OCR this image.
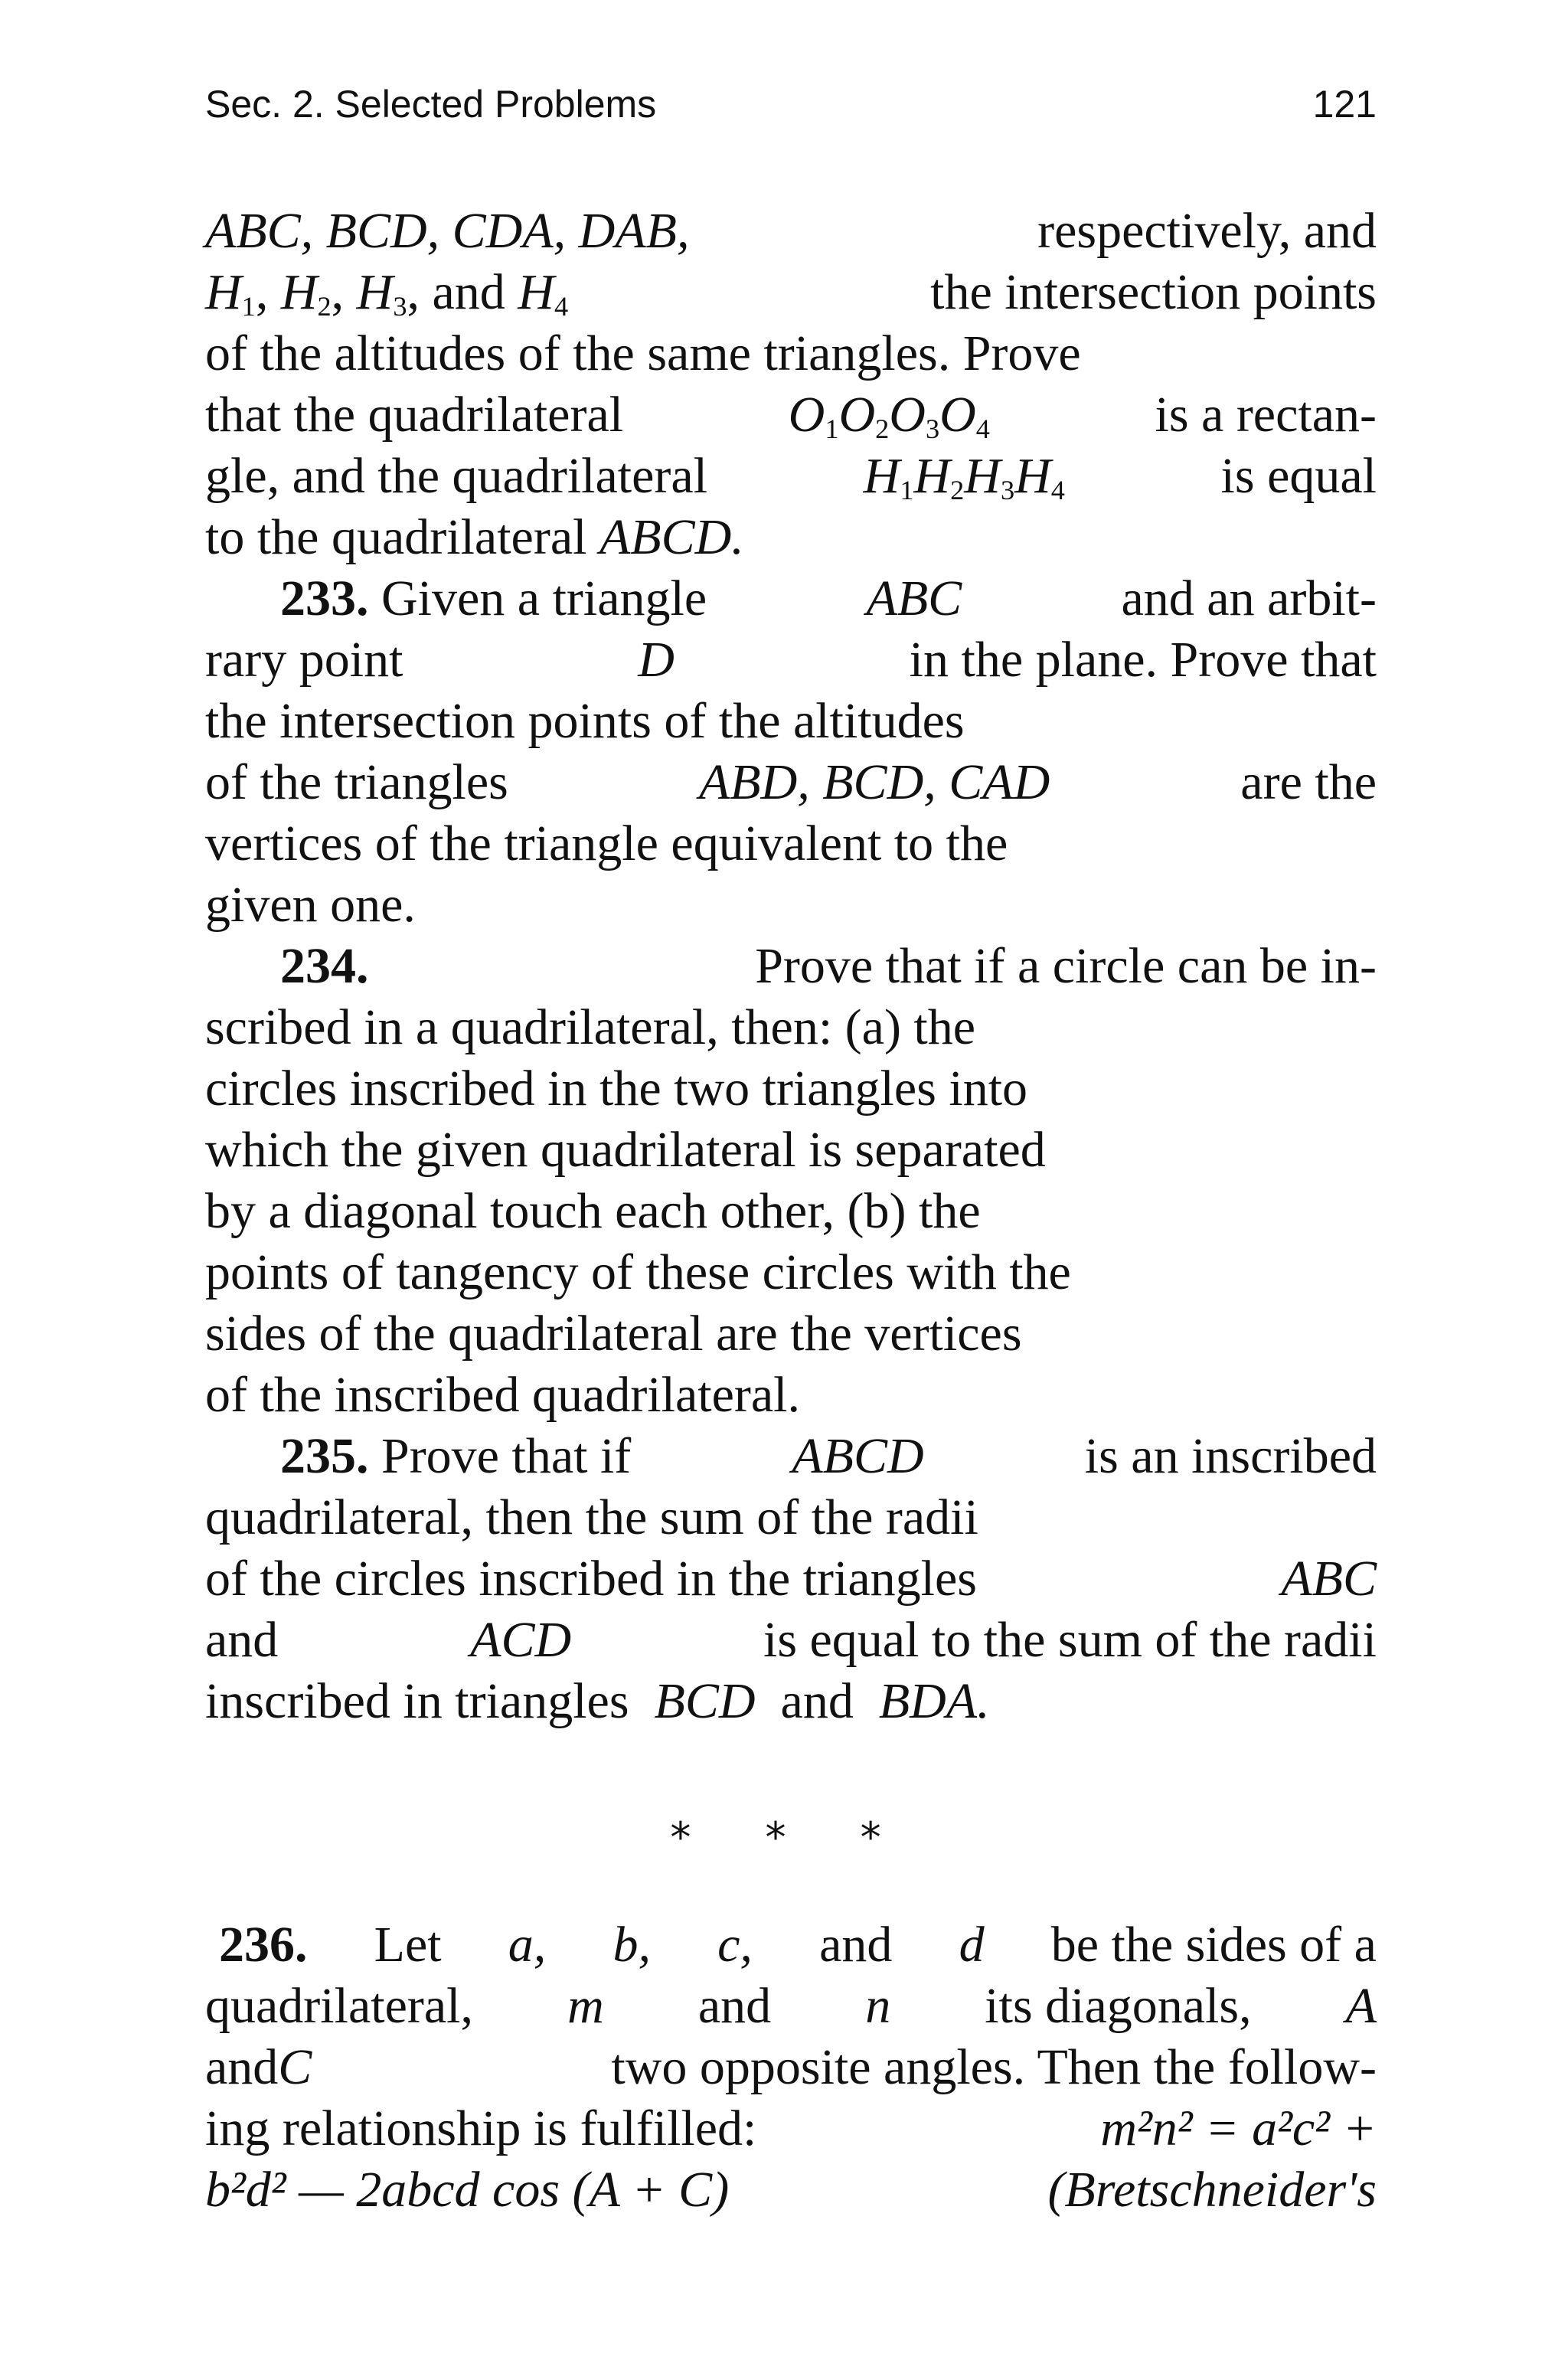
Sec. 2. Selected Problems	121
ABC, BCD, CDA, DAB,	respectively, and
$H_1$, $H_2$, $H_3$, and $H_4$	the intersection points
of the altitudes of the same triangles. Prove
that the quadrilateral	$O_1O_2O_3O_4$	is a rectan-
gle, and the quadrilateral	$H_1H_2H_3H_4$	is equal
to the quadrilateral
ABCD.
233. Given a triangle	ABC	and an arbit-
rary point	D	in the plane. Prove that
the intersection points of the altitudes
of the triangles	ABD, BCD, CAD	are the
vertices of the triangle equivalent to the
given one.
234.	Prove that if a circle can be in-
scribed in a quadrilateral, then: (a) the
circles inscribed in the two triangles into
which the given quadrilateral is separated
by a diagonal touch each other, (b) the
points of tangency of these circles with the
sides of the quadrilateral are the vertices
of the inscribed quadrilateral.
235. Prove that if	ABCD	is an inscribed
quadrilateral, then the sum of the radii
of the circles inscribed in the triangles	ABC
and	ACD	is equal to the sum of the radii
inscribed in triangles
BCD
and
BDA.
* * *
236. Let a, b, c, and d be the sides of a
quadrilateral, m and n its diagonals, A
and C	two opposite angles. Then the follow-
ing relationship is fulfilled:	m²n² = a²c² +
b²d² — 2abcd cos (A + C)	(Bretschneider's
